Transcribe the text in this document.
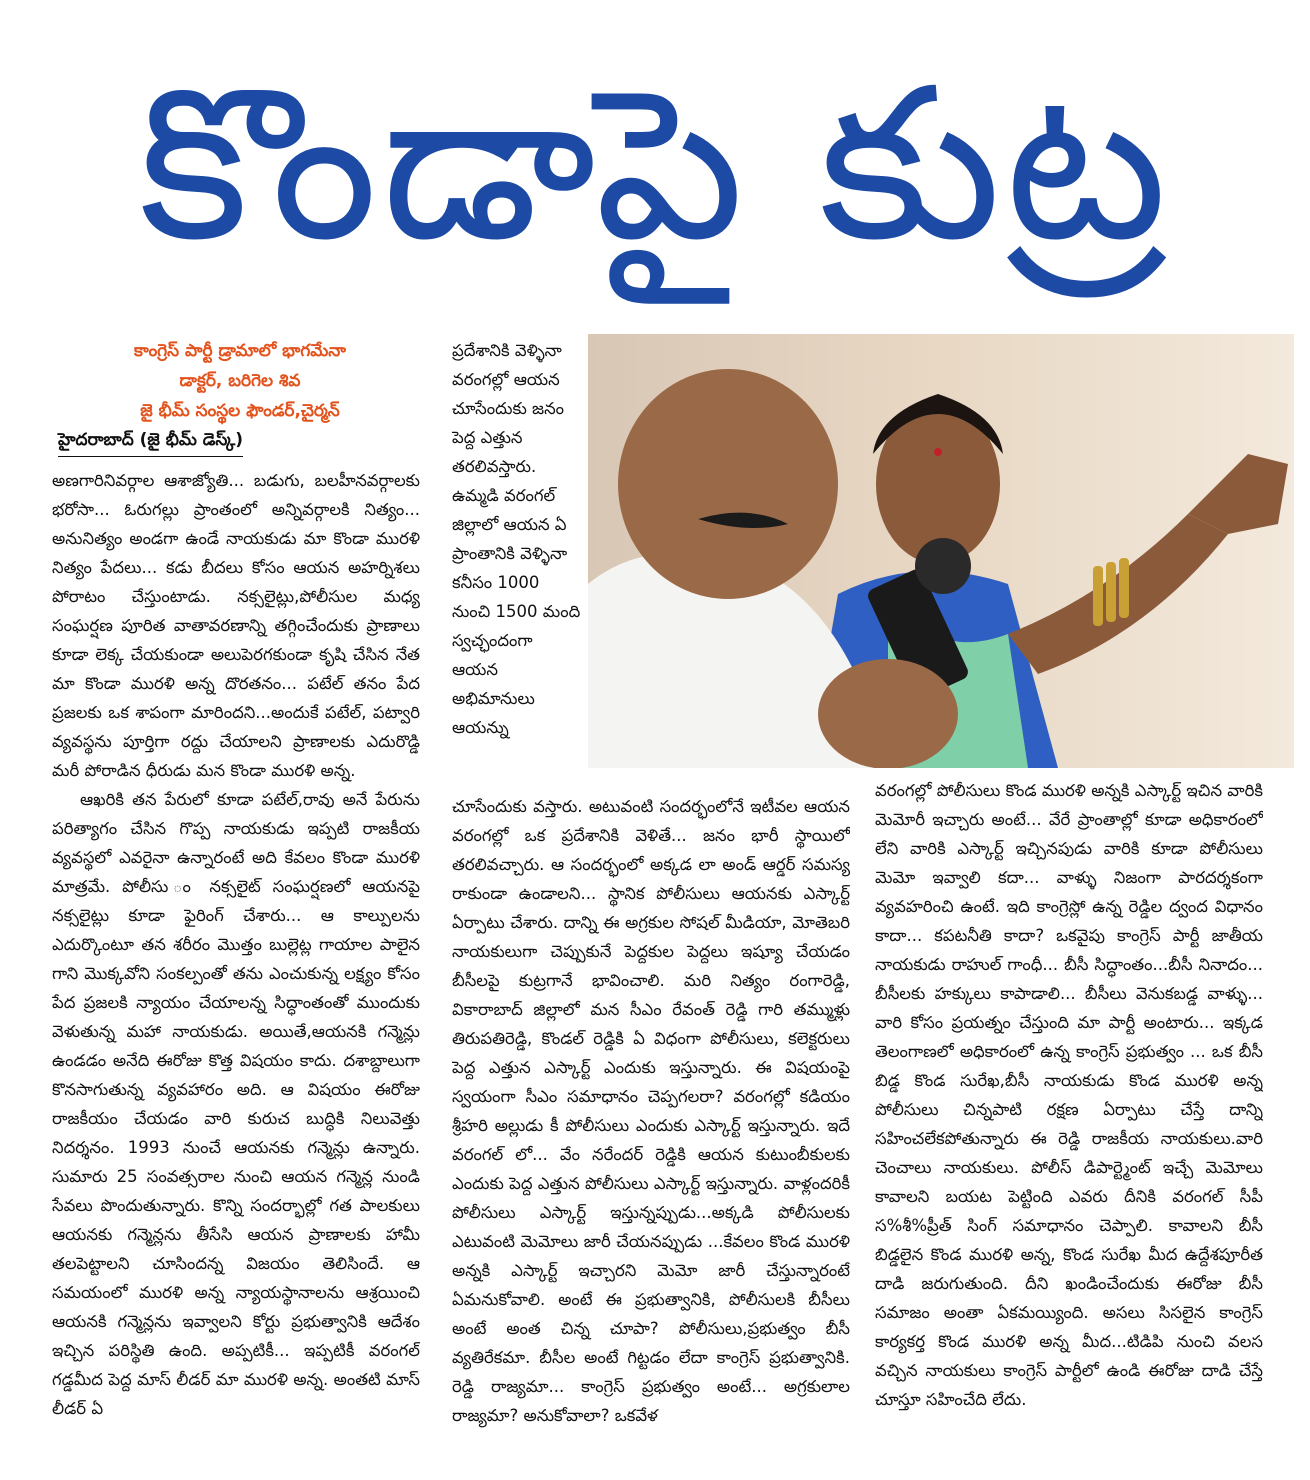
కొండాపై కుట్ర
కాంగ్రెస్ పార్టీ డ్రామాలో భాగమేనా
డాక్టర్, బరిగెల శివ
జై భీమ్ సంస్థల ఫౌండర్,చైర్మన్
హైదరాబాద్ (జై భీమ్ డెస్క్)

అణగారినివర్గాల ఆశాజ్యోతి... బడుగు, బలహీనవర్గాలకు భరోసా... ఓరుగల్లు ప్రాంతంలో అన్నివర్గాలకి నిత్యం... అనునిత్యం అండగా ఉండే నాయకుడు మా కొండా మురళి నిత్యం పేదలు... కడు బీదలు కోసం ఆయన అహర్నిశలు పోరాటం చేస్తుంటాడు. నక్సలైట్లు,పోలీసుల మధ్య సంఘర్షణ పూరిత వాతావరణాన్ని తగ్గించేందుకు ప్రాణాలు కూడా లెక్క చేయకుండా అలుపెరగకుండా కృషి చేసిన నేత మా కొండా మురళి అన్న దొరతనం... పటేల్ తనం పేద ప్రజలకు ఒక శాపంగా మారిందని...అందుకే పటేల్, పట్వారి వ్యవస్థను పూర్తిగా రద్దు చేయాలని ప్రాణాలకు ఎదురొడ్డి మరీ పోరాడిన ధీరుడు మన కొండా మురళి అన్న.

ఆఖరికి తన పేరులో కూడా పటేల్,రావు అనే పేరును పరిత్యాగం చేసిన గొప్ప నాయకుడు ఇప్పటి రాజకీయ వ్యవస్థలో ఎవరైనా ఉన్నారంటే అది కేవలం కొండా మురళి మాత్రమే. పోలీసు ం నక్సలైట్ సంఘర్షణలో ఆయనపై నక్సలైట్లు కూడా ఫైరింగ్ చేశారు... ఆ కాల్పులను ఎదుర్కొంటూ తన శరీరం మొత్తం బుల్లెట్ల గాయాల పాలైన గాని మొక్కవోని సంకల్పంతో తను ఎంచుకున్న లక్ష్యం కోసం పేద ప్రజలకి న్యాయం చేయాలన్న సిద్ధాంతంతో ముందుకు వెళుతున్న మహా నాయకుడు. అయితే,ఆయనకి గన్మెన్లు ఉండడం అనేది ఈరోజు కొత్త విషయం కాదు. దశాబ్దాలుగా కొనసాగుతున్న వ్యవహారం అది. ఆ విషయం ఈరోజు రాజకీయం చేయడం వారి కురుచ బుద్ధికి నిలువెత్తు నిదర్శనం. 1993 నుంచే ఆయనకు గన్మెన్లు ఉన్నారు. సుమారు 25 సంవత్సరాల నుంచి ఆయన గన్మెన్ల నుండి సేవలు పొందుతున్నారు. కొన్ని సందర్భాల్లో గత పాలకులు ఆయనకు గన్మెన్లను తీసేసి ఆయన ప్రాణాలకు హామీ తలపెట్టాలని చూసిందన్న విజయం తెలిసిందే. ఆ సమయంలో మురళి అన్న న్యాయస్థానాలను ఆశ్రయించి ఆయనకి గన్మెన్లను ఇవ్వాలని కోర్టు ప్రభుత్వానికి ఆదేశం ఇచ్చిన పరిస్థితి ఉంది. అప్పటికీ... ఇప్పటికీ వరంగల్ గడ్డమీద పెద్ద మాస్ లీడర్ మా మురళి అన్న. అంతటి మాస్ లీడర్ ఏ

ప్రదేశానికి వెళ్ళినా వరంగల్లో ఆయన చూసేందుకు జనం పెద్ద ఎత్తున తరలివస్తారు. ఉమ్మడి వరంగల్ జిల్లాలో ఆయన ఏ ప్రాంతానికి వెళ్ళినా కనీసం 1000 నుంచి 1500 మంది స్వచ్ఛందంగా ఆయన అభిమానులు ఆయన్ను

చూసేందుకు వస్తారు. అటువంటి సందర్భంలోనే ఇటీవల ఆయన వరంగల్లో ఒక ప్రదేశానికి వెళితే... జనం భారీ స్థాయిలో తరలివచ్చారు. ఆ సందర్భంలో అక్కడ లా అండ్ ఆర్డర్ సమస్య రాకుండా ఉండాలని... స్థానిక పోలీసులు ఆయనకు ఎస్కార్ట్ ఏర్పాటు చేశారు. దాన్ని ఈ అగ్రకుల సోషల్ మీడియా, మోతెబరి నాయకులుగా చెప్పుకునే పెద్దకుల పెద్దలు ఇష్యూ చేయడం బీసీలపై కుట్రగానే భావించాలి. మరి నిత్యం రంగారెడ్డి, వికారాబాద్ జిల్లాలో మన సీఎం రేవంత్ రెడ్డి గారి తమ్ముళ్లు తిరుపతిరెడ్డి, కొండల్ రెడ్డికి ఏ విధంగా పోలీసులు, కలెక్టరులు పెద్ద ఎత్తున ఎస్కార్ట్ ఎందుకు ఇస్తున్నారు. ఈ విషయంపై స్వయంగా సీఎం సమాధానం చెప్పగలరా? వరంగల్లో కడియం శ్రీహరి అల్లుడు కీ పోలీసులు ఎందుకు ఎస్కార్ట్ ఇస్తున్నారు. ఇదే వరంగల్ లో... వేం నరేందర్ రెడ్డికి ఆయన కుటుంబీకులకు ఎందుకు పెద్ద ఎత్తున పోలీసులు ఎస్కార్ట్ ఇస్తున్నారు. వాళ్లందరికీ పోలీసులు ఎస్కార్ట్ ఇస్తున్నప్పుడు...అక్కడి పోలీసులకు ఎటువంటి మెమోలు జారీ చేయనప్పుడు ...కేవలం కొండ మురళి అన్నకి ఎస్కార్ట్ ఇచ్చారని మెమో జారీ చేస్తున్నారంటే ఏమనుకోవాలి. అంటే ఈ ప్రభుత్వానికి, పోలీసులకి బీసీలు అంటే అంత చిన్న చూపా? పోలీసులు,ప్రభుత్వం బీసీ వ్యతిరేకమా. బీసీల అంటే గిట్టడం లేదా కాంగ్రెస్ ప్రభుత్వానికి. రెడ్డి రాజ్యమా... కాంగ్రెస్ ప్రభుత్వం అంటే... అగ్రకులాల రాజ్యమా? అనుకోవాలా? ఒకవేళ

వరంగల్లో పోలీసులు కొండ మురళి అన్నకి ఎస్కార్ట్ ఇచిన వారికి మెమోరీ ఇచ్చారు అంటే... వేరే ప్రాంతాల్లో కూడా అధికారంలో లేని వారికి ఎస్కార్ట్ ఇచ్చినపుడు వారికి కూడా పోలీసులు మెమో ఇవ్వాలి కదా... వాళ్ళు నిజంగా పారదర్శకంగా వ్యవహరించి ఉంటే. ఇది కాంగ్రెస్లో ఉన్న రెడ్డిల ద్వంద విధానం కాదా... కపటనీతి కాదా? ఒకవైపు కాంగ్రెస్ పార్టీ జాతీయ నాయకుడు రాహుల్ గాంధీ... బీసీ సిద్ధాంతం...బీసీ నినాదం... బీసీలకు హక్కులు కాపాడాలి... బీసీలు వెనుకబడ్డ వాళ్ళు... వారి కోసం ప్రయత్నం చేస్తుంది మా పార్టీ అంటారు... ఇక్కడ తెలంగాణలో అధికారంలో ఉన్న కాంగ్రెస్ ప్రభుత్వం ... ఒక బీసీ బిడ్డ కొండ సురేఖ,బీసీ నాయకుడు కొండ మురళి అన్న పోలీసులు చిన్నపాటి రక్షణ ఏర్పాటు చేస్తే దాన్ని సహించలేకపోతున్నారు ఈ రెడ్డి రాజకీయ నాయకులు.వారి చెంచాలు నాయకులు. పోలీస్ డిపార్ట్మెంట్ ఇచ్చే మెమోలు కావాలని బయట పెట్టింది ఎవరు దీనికి వరంగల్ సీపీ స%శీ%ప్రీత్ సింగ్ సమాధానం చెప్పాలి. కావాలని బీసీ బిడ్డలైన కొండ మురళి అన్న, కొండ సురేఖ మీద ఉద్దేశపూరీత దాడి జరుగుతుంది. దీని ఖండించేందుకు ఈరోజు బీసీ సమాజం అంతా ఏకమయ్యింది. అసలు సిసలైన కాంగ్రెస్ కార్యకర్త కొండ మురళి అన్న మీద...టిడిపి నుంచి వలస వచ్చిన నాయకులు కాంగ్రెస్ పార్టీలో ఉండి ఈరోజు దాడి చేస్తే చూస్తూ సహించేది లేదు.
